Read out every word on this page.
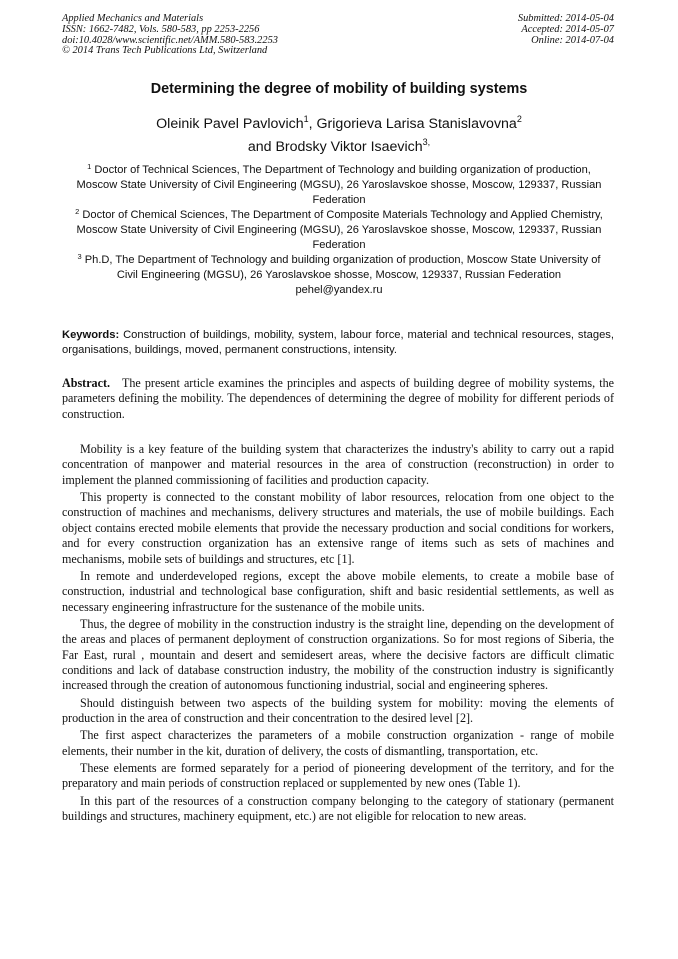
Applied Mechanics and Materials
ISSN: 1662-7482, Vols. 580-583, pp 2253-2256
doi:10.4028/www.scientific.net/AMM.580-583.2253
© 2014 Trans Tech Publications Ltd, Switzerland
Submitted: 2014-05-04
Accepted: 2014-05-07
Online: 2014-07-04
Determining the degree of mobility of building systems
Oleinik Pavel Pavlovich$^1$, Grigorieva Larisa Stanislavovna$^2$
and Brodsky Viktor Isaevich$^{3,}$

$^1$ Doctor of Technical Sciences, The Department of Technology and building organization of production, Moscow State University of Civil Engineering (MGSU), 26 Yaroslavskoe shosse, Moscow, 129337, Russian Federation

$^2$ Doctor of Chemical Sciences, The Department of Composite Materials Technology and Applied Chemistry, Moscow State University of Civil Engineering (MGSU), 26 Yaroslavskoe shosse, Moscow, 129337, Russian Federation

$^3$ Ph.D, The Department of Technology and building organization of production, Moscow State University of Civil Engineering (MGSU), 26 Yaroslavskoe shosse, Moscow, 129337, Russian Federation

pehel@yandex.ru

Keywords: Construction of buildings, mobility, system, labour force, material and technical resources, stages, organisations, buildings, moved, permanent constructions, intensity.

Abstract. The present article examines the principles and aspects of building degree of mobility systems, the parameters defining the mobility. The dependences of determining the degree of mobility for different periods of construction.

Mobility is a key feature of the building system that characterizes the industry's ability to carry out a rapid concentration of manpower and material resources in the area of construction (reconstruction) in order to implement the planned commissioning of facilities and production capacity.

This property is connected to the constant mobility of labor resources, relocation from one object to the construction of machines and mechanisms, delivery structures and materials, the use of mobile buildings. Each object contains erected mobile elements that provide the necessary production and social conditions for workers, and for every construction organization has an extensive range of items such as sets of machines and mechanisms, mobile sets of buildings and structures, etc [1].

In remote and underdeveloped regions, except the above mobile elements, to create a mobile base of construction, industrial and technological base configuration, shift and basic residential settlements, as well as necessary engineering infrastructure for the sustenance of the mobile units.

Thus, the degree of mobility in the construction industry is the straight line, depending on the development of the areas and places of permanent deployment of construction organizations. So for most regions of Siberia, the Far East, rural , mountain and desert and semidesert areas, where the decisive factors are difficult climatic conditions and lack of database construction industry, the mobility of the construction industry is significantly increased through the creation of autonomous functioning industrial, social and engineering spheres.

Should distinguish between two aspects of the building system for mobility: moving the elements of production in the area of construction and their concentration to the desired level [2].

The first aspect characterizes the parameters of a mobile construction organization - range of mobile elements, their number in the kit, duration of delivery, the costs of dismantling, transportation, etc.

These elements are formed separately for a period of pioneering development of the territory, and for the preparatory and main periods of construction replaced or supplemented by new ones (Table 1).

In this part of the resources of a construction company belonging to the category of stationary (permanent buildings and structures, machinery equipment, etc.) are not eligible for relocation to new areas.
